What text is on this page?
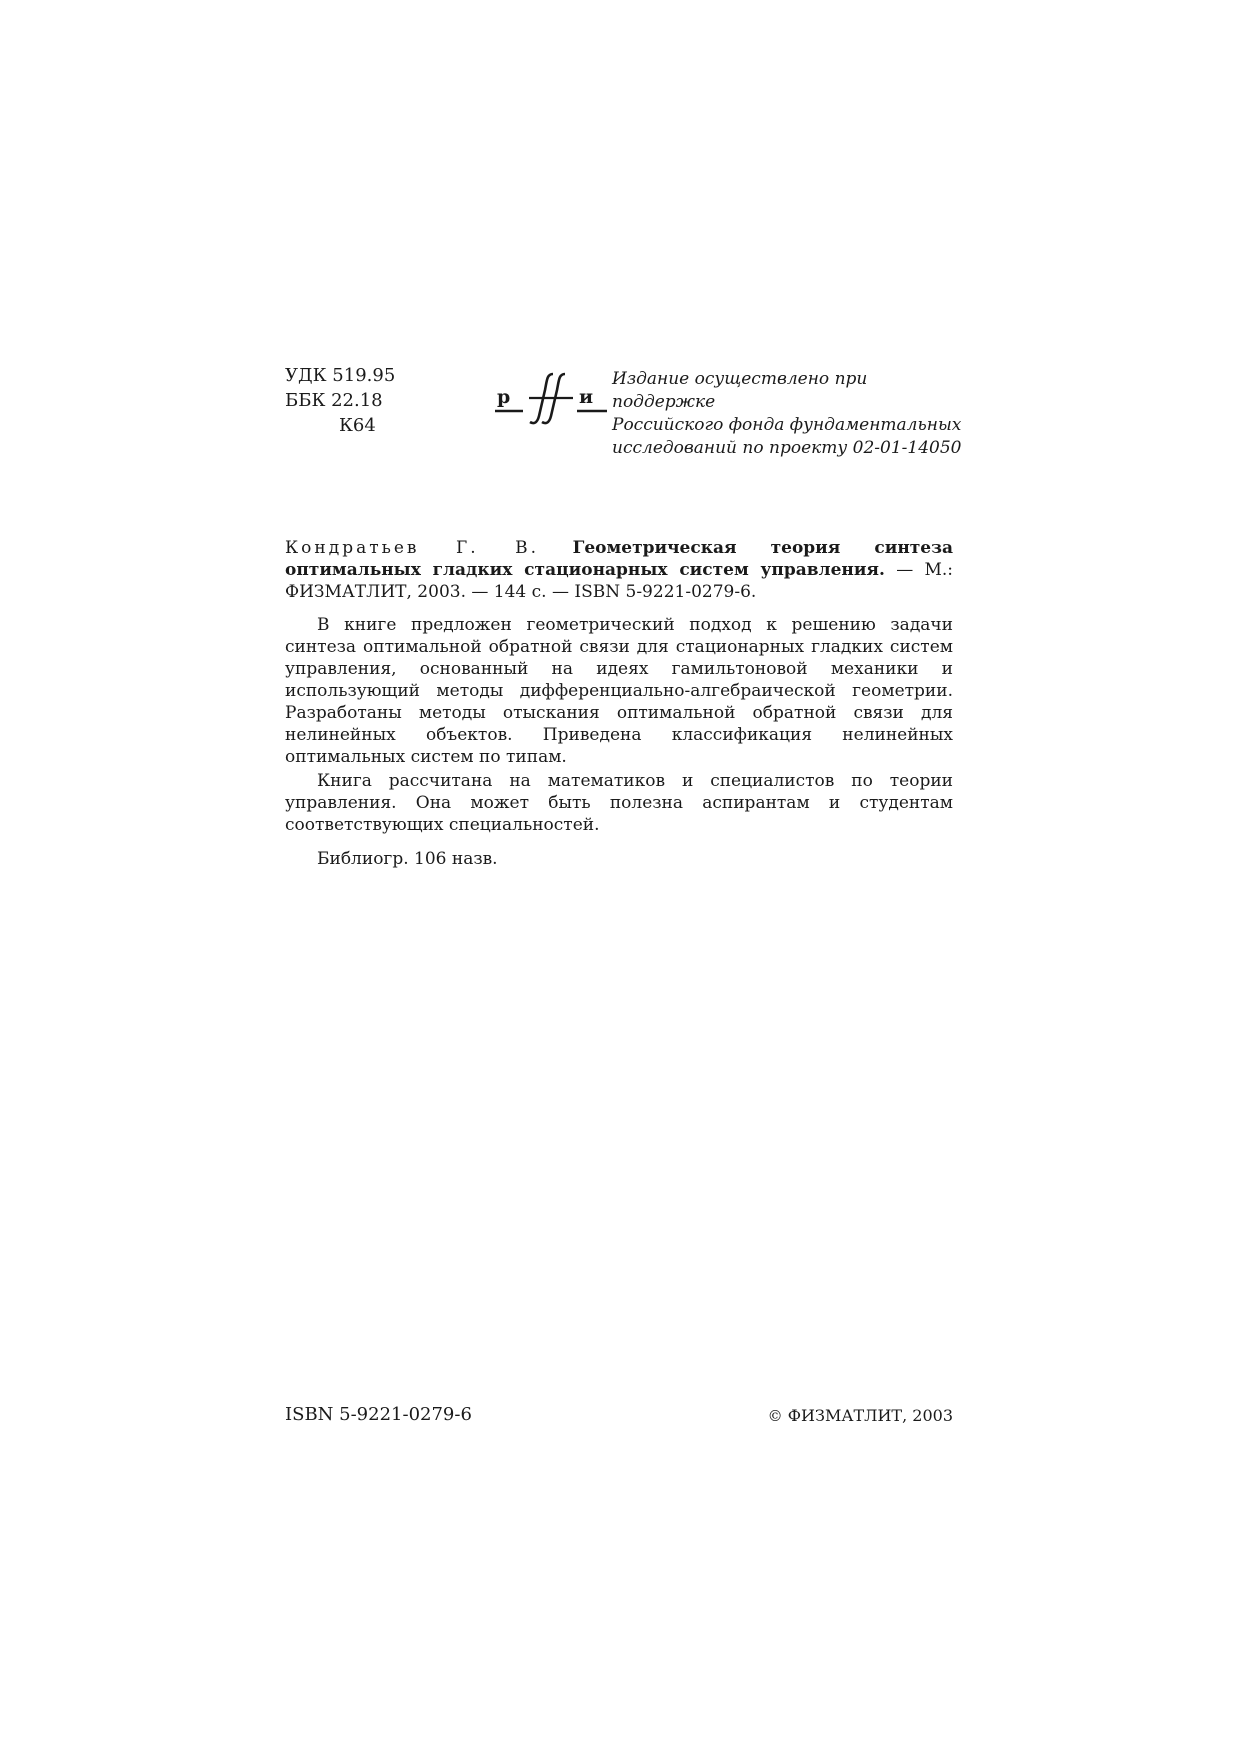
УДК 519.95
ББК 22.18
К64
р	и
Издание осуществлено при поддержке
Российского фонда фундаментальных
исследований по проекту 02-01-14050
Кондратьев Г. В. Геометрическая теория синтеза оптимальных гладких стационарных систем управления. — М.: ФИЗМАТЛИТ, 2003. — 144 с. — ISBN 5-9221-0279-6.

В книге предложен геометрический подход к решению задачи синтеза оптимальной обратной связи для стационарных гладких систем управления, основанный на идеях гамильтоновой механики и использующий методы дифференциально-алгебраической геометрии. Разработаны методы отыскания оптимальной обратной связи для нелинейных объектов. Приведена классификация нелинейных оптимальных систем по типам.

Книга рассчитана на математиков и специалистов по теории управления. Она может быть полезна аспирантам и студентам соответствующих специальностей.

Библиогр. 106 назв.

ISBN 5-9221-0279-6	© ФИЗМАТЛИТ, 2003
